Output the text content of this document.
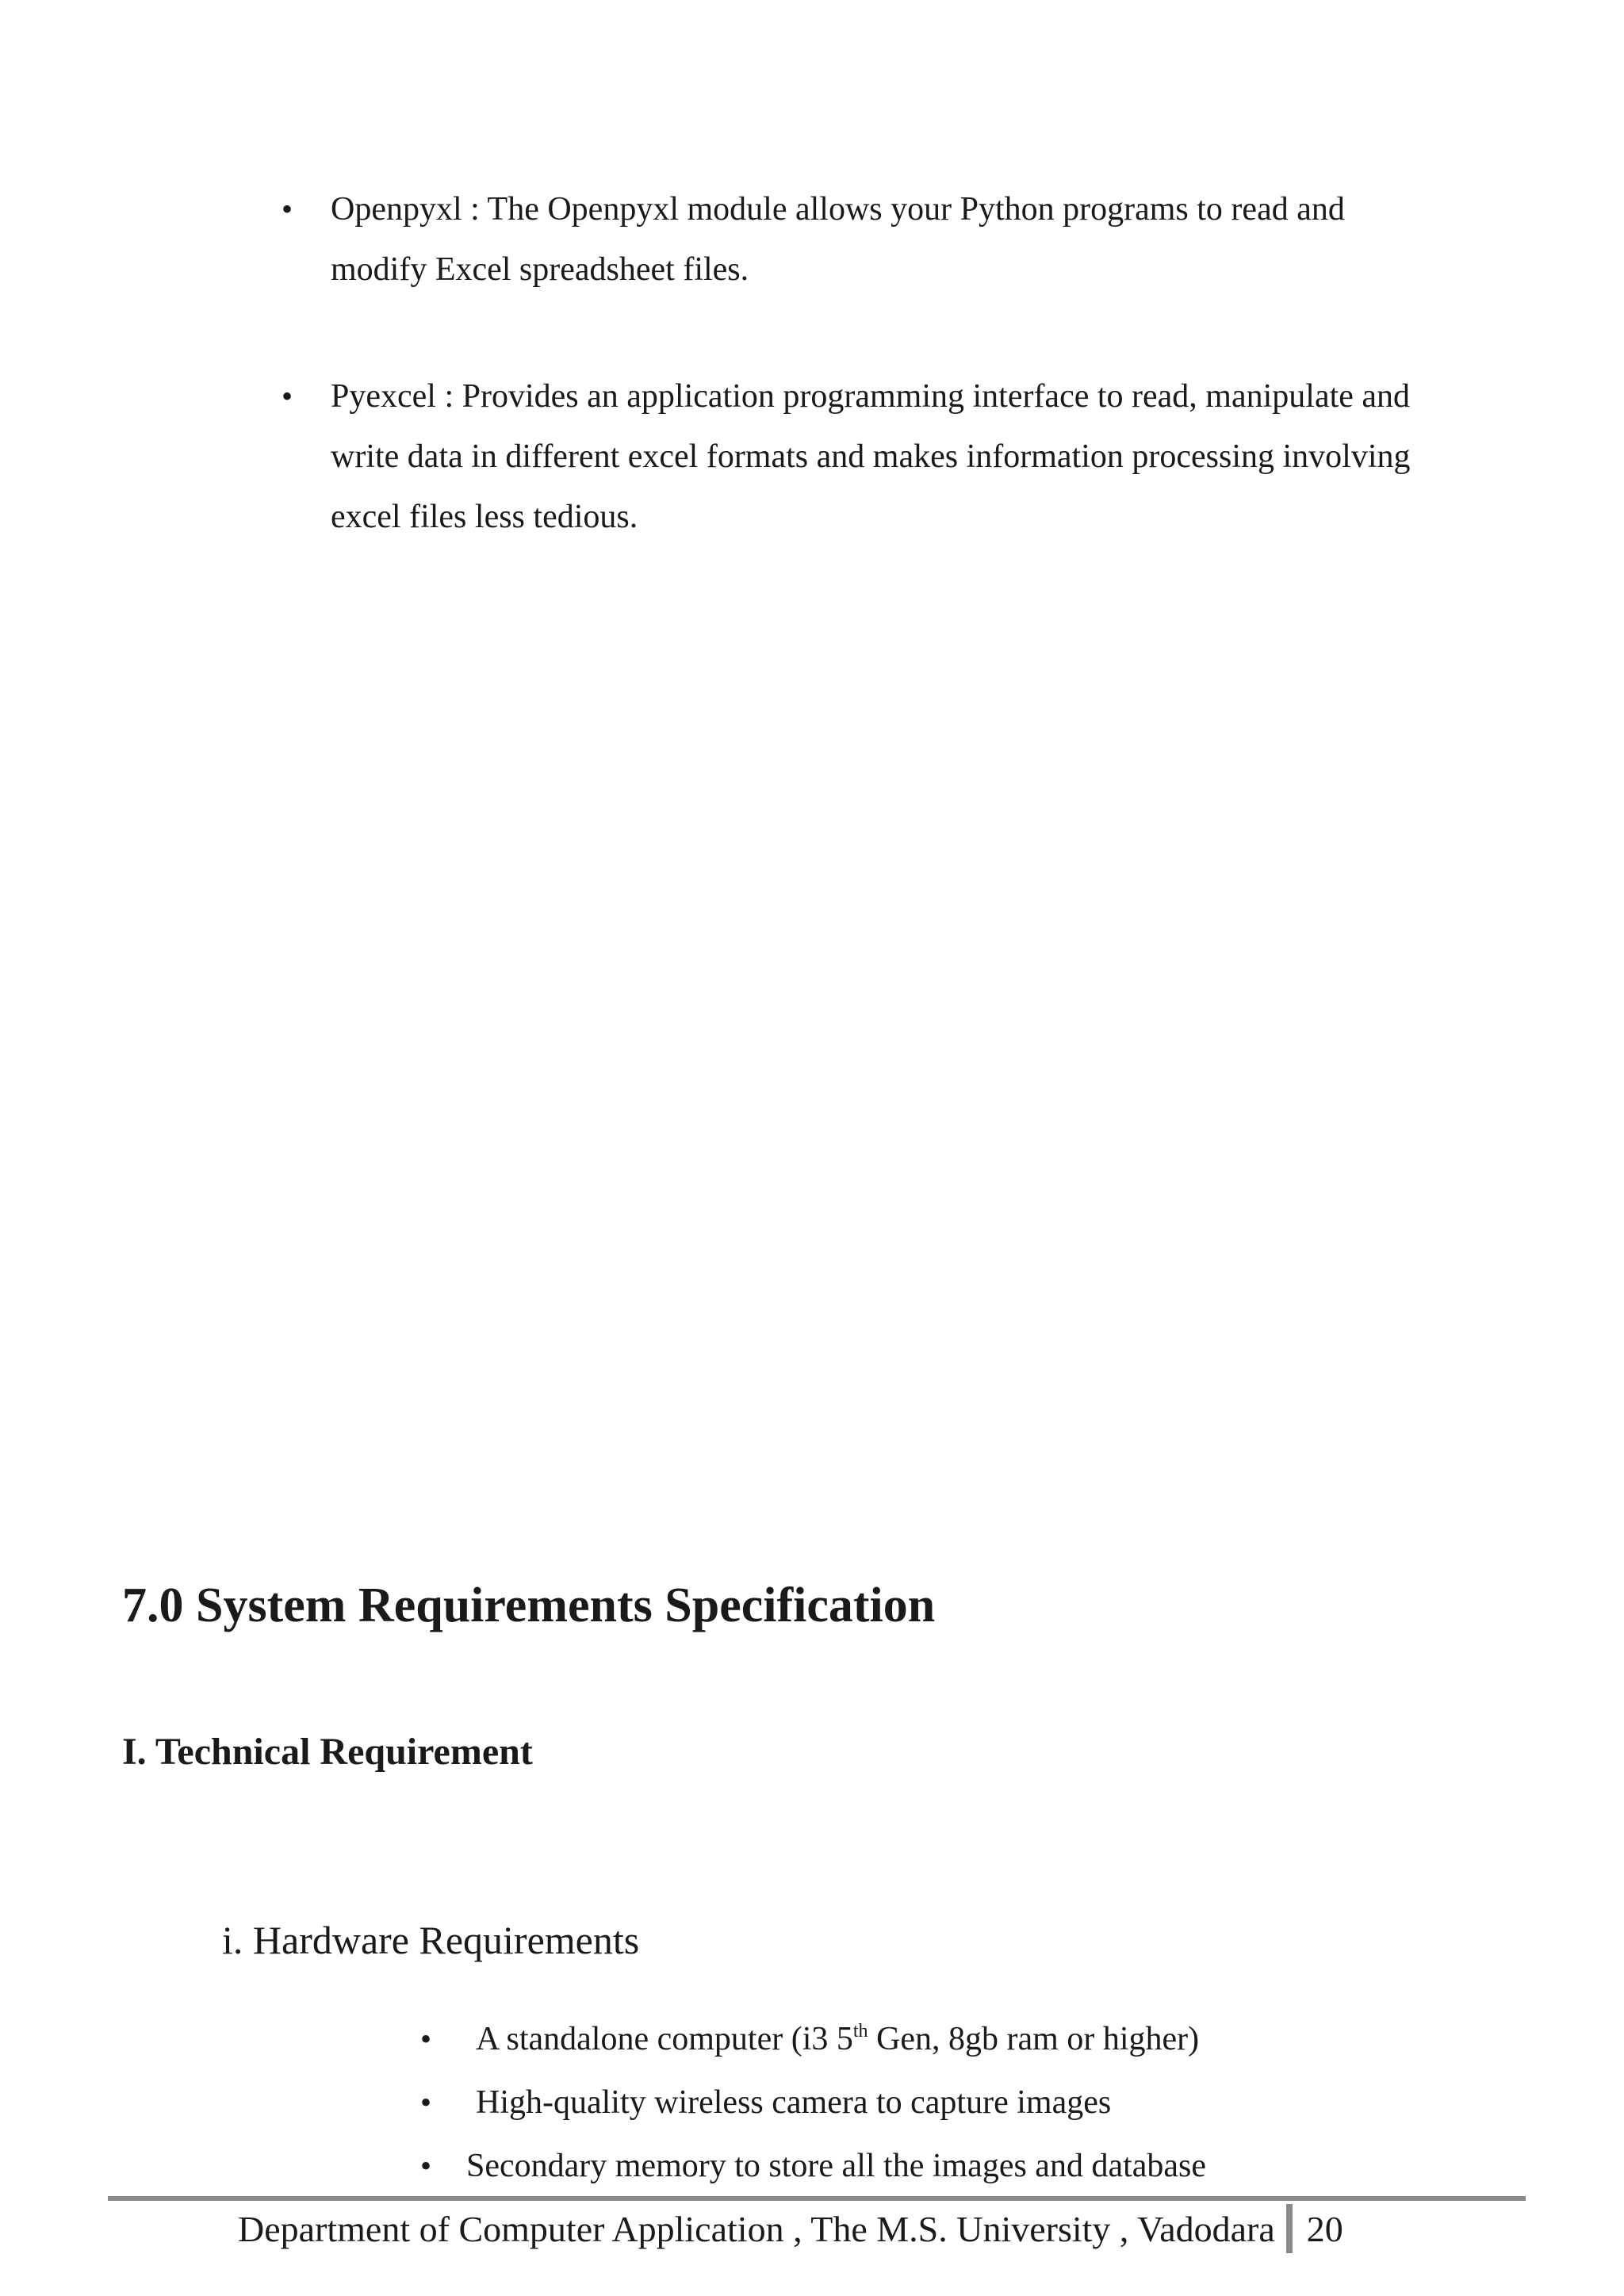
•	Openpyxl : The Openpyxl module allows your Python programs to read and
modify Excel spreadsheet files.
•	Pyexcel : Provides an application programming interface to read, manipulate and
write data in different excel formats and makes information processing involving
excel files less tedious.
7.0 System Requirements Specification
I. Technical Requirement
i. Hardware Requirements
•	A standalone computer (i3 5th Gen, 8gb ram or higher)
•	High-quality wireless camera to capture images
•	Secondary memory to store all the images and database
Department of Computer Application , The M.S. University , Vadodara 20
